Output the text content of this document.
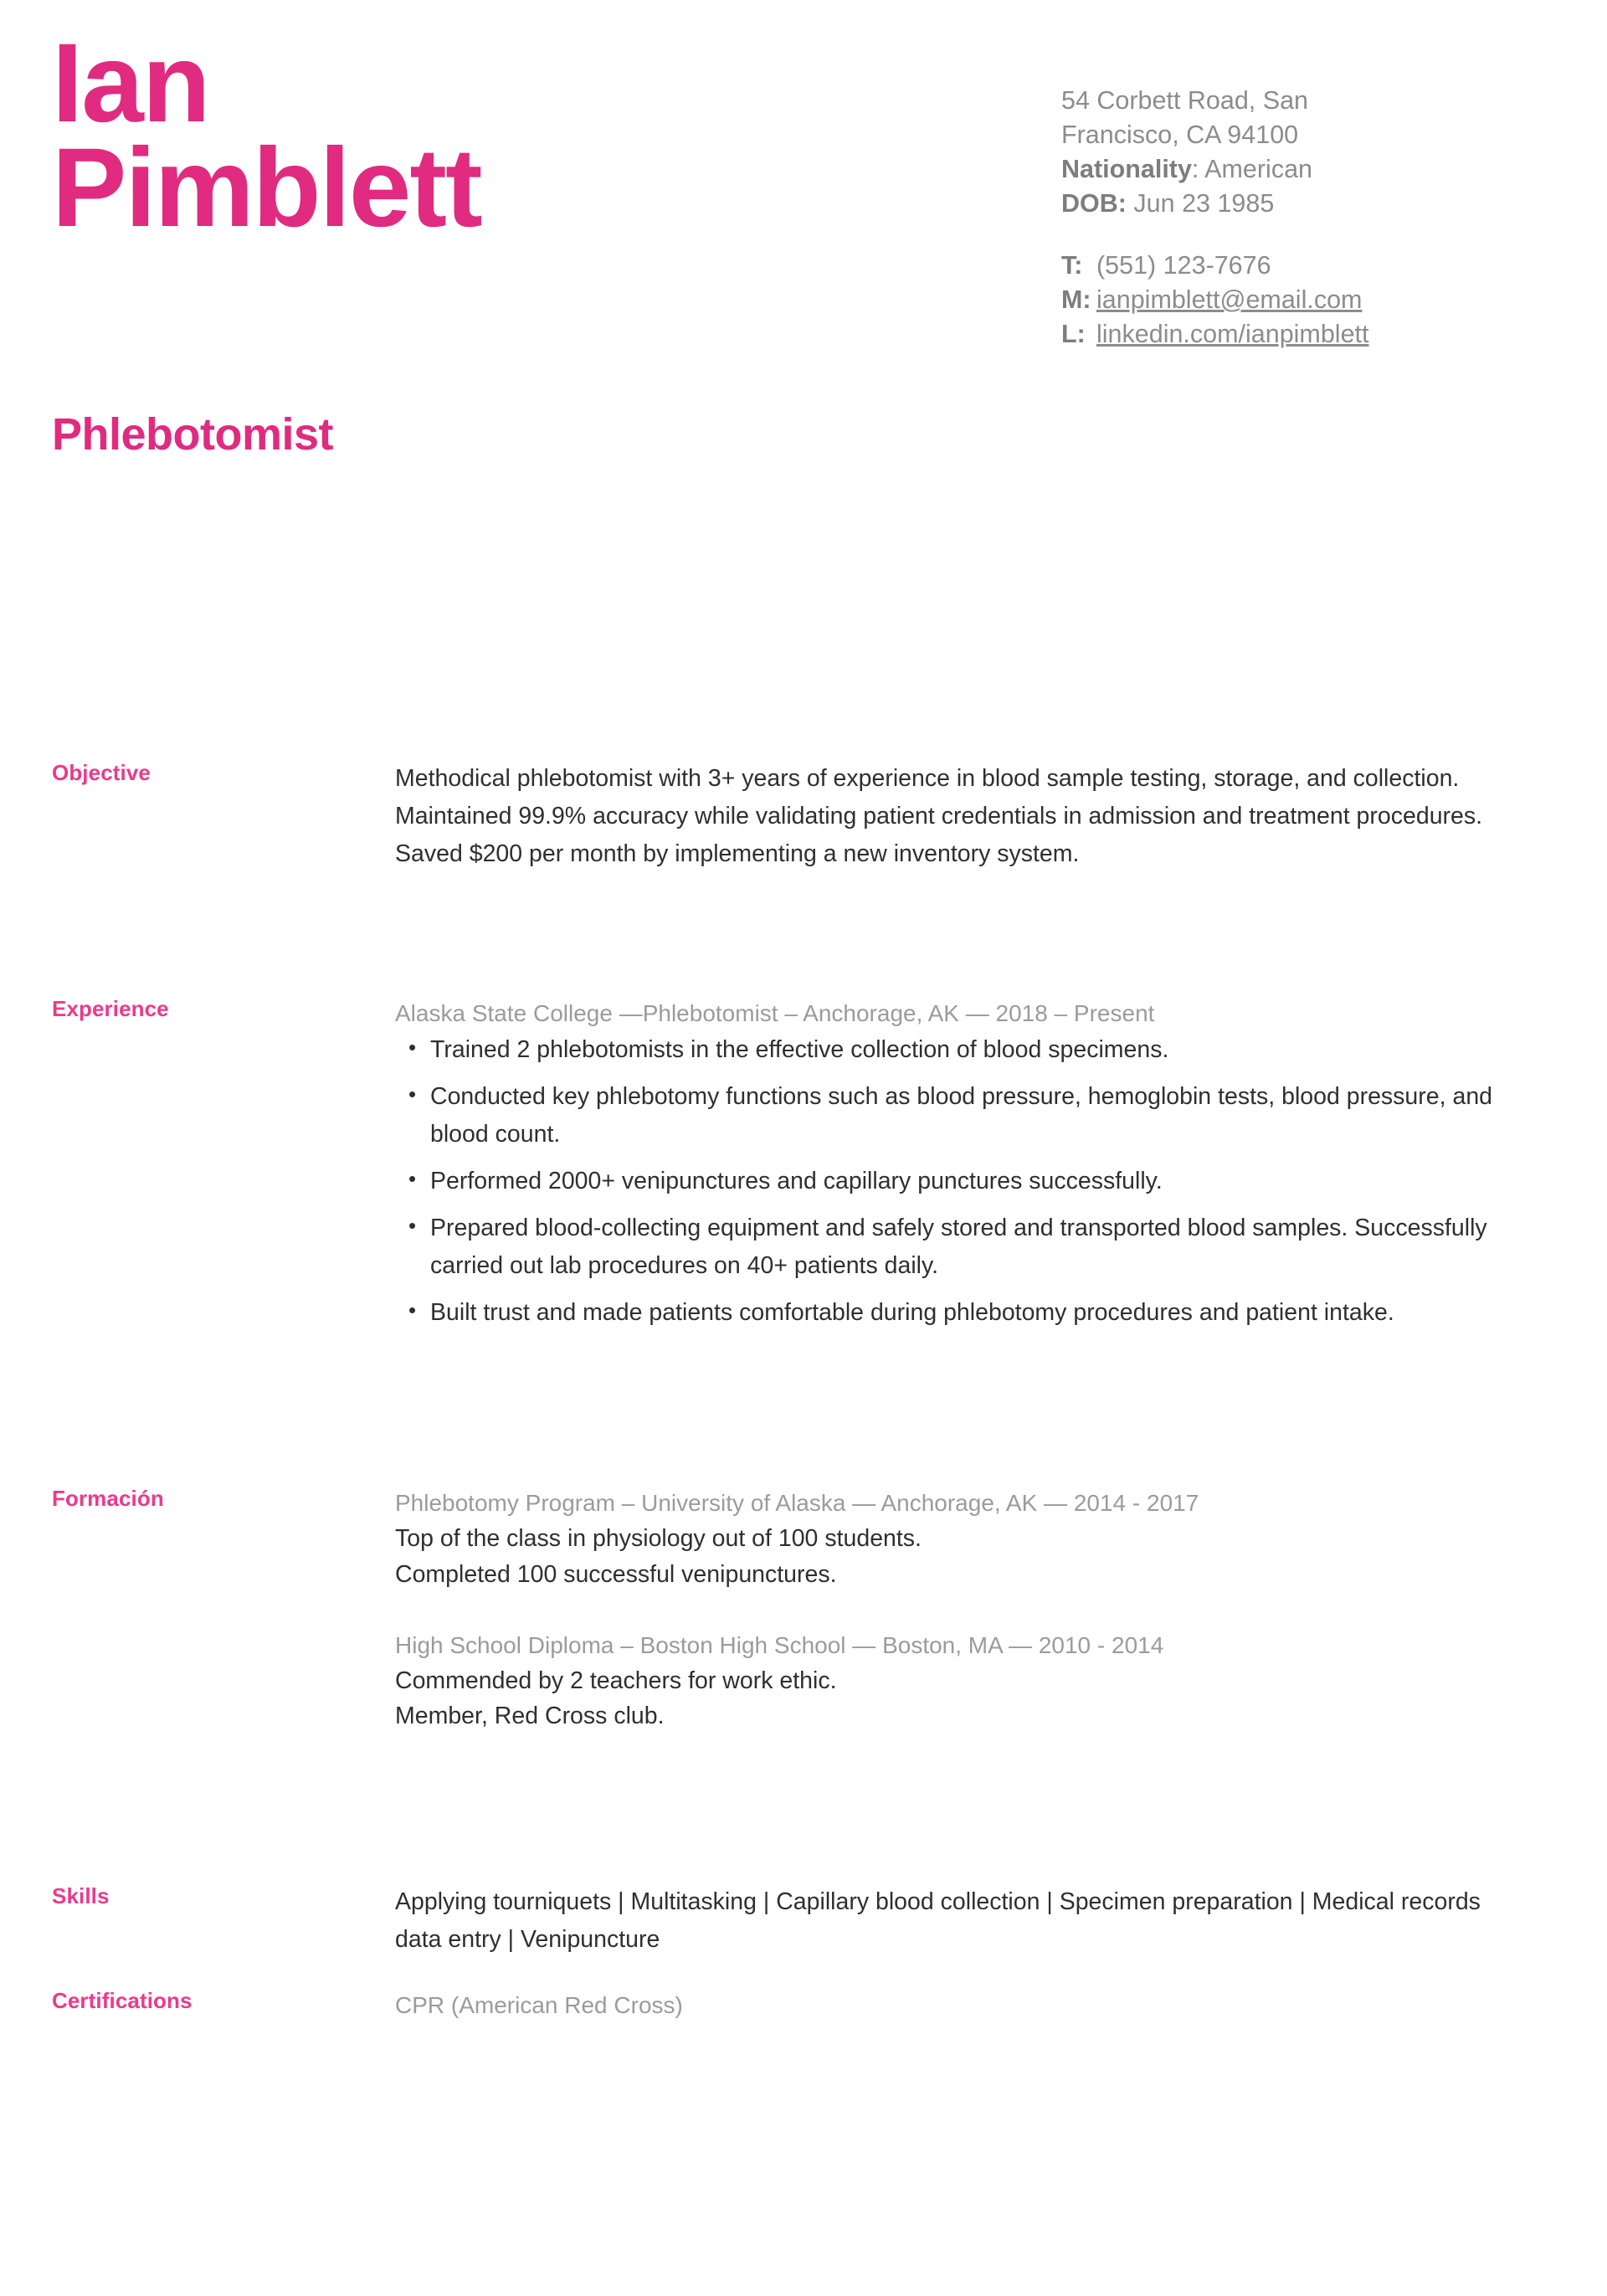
Ian
Pimblett
Phlebotomist
54 Corbett Road, San
Francisco, CA 94100
Nationality: American
DOB: Jun 23 1985
T: (551) 123-7676
M: ianpimblett@email.com
L: linkedin.com/ianpimblett
Objective	Methodical phlebotomist with 3+ years of experience in blood sample testing, storage, and collection. Maintained 99.9% accuracy while validating patient credentials in admission and treatment procedures. Saved $200 per month by implementing a new inventory system.
Experience	Alaska State College —Phlebotomist – Anchorage, AK — 2018 – Present
• Trained 2 phlebotomists in the effective collection of blood specimens.
• Conducted key phlebotomy functions such as blood pressure, hemoglobin tests, blood pressure, and blood count.
• Performed 2000+ venipunctures and capillary punctures successfully.
• Prepared blood-collecting equipment and safely stored and transported blood samples. Successfully carried out lab procedures on 40+ patients daily.
• Built trust and made patients comfortable during phlebotomy procedures and patient intake.
Formación	Phlebotomy Program – University of Alaska — Anchorage, AK — 2014 - 2017
Top of the class in physiology out of 100 students.
Completed 100 successful venipunctures.
High School Diploma – Boston High School — Boston, MA — 2010 - 2014
Commended by 2 teachers for work ethic.
Member, Red Cross club.
Skills	Applying tourniquets | Multitasking | Capillary blood collection | Specimen preparation | Medical records data entry | Venipuncture
Certifications	CPR (American Red Cross)
